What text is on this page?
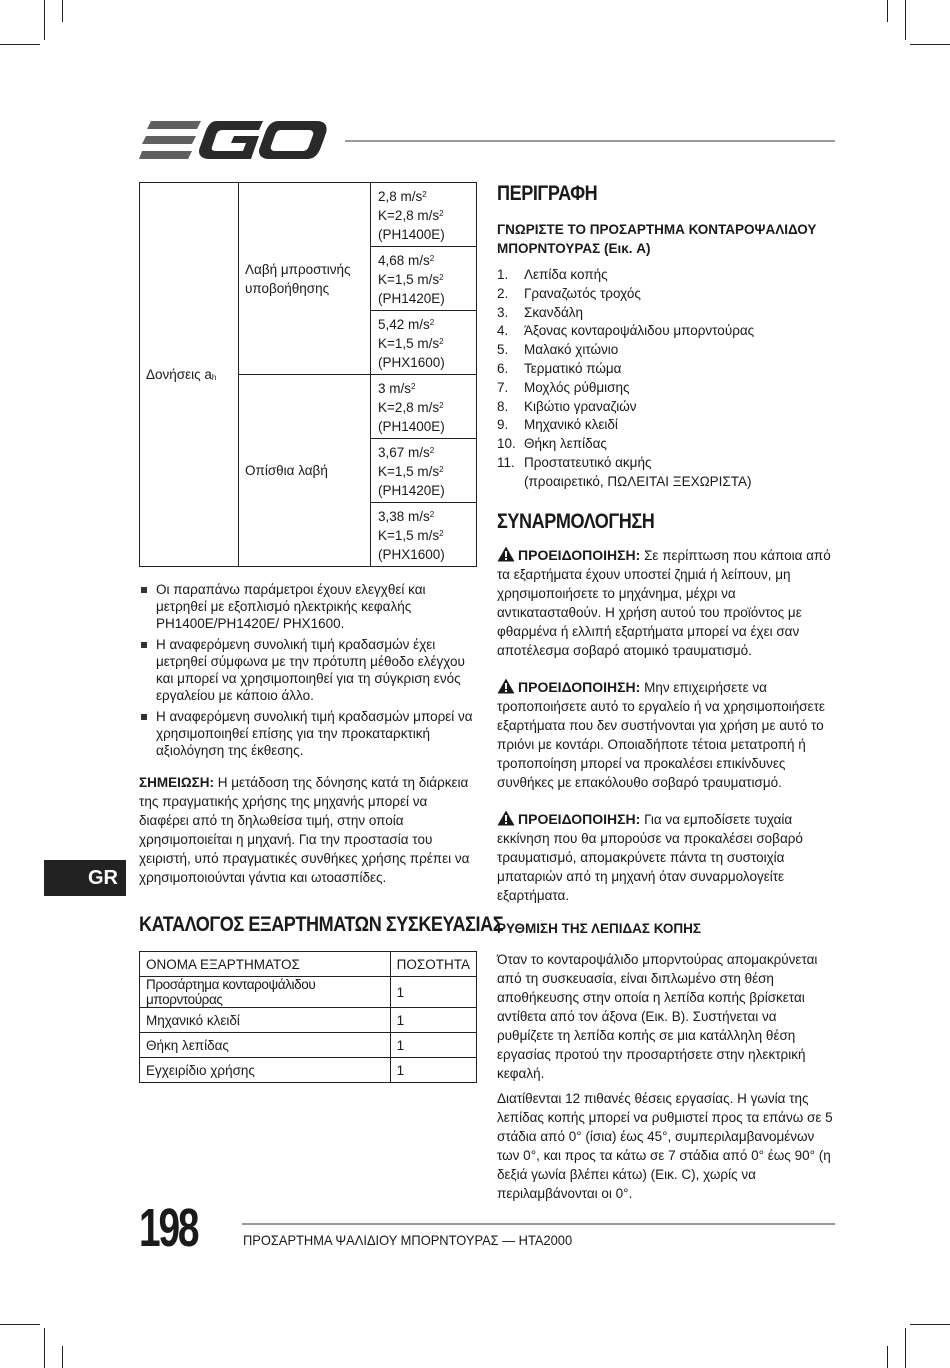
Δονήσεις $a_h$	Λαβή μπροστινής υποβοήθησης	2,8 $m/s^2$
K=2,8 $m/s^2$
(PH1400E)
		4,68 $m/s^2$
K=1,5 $m/s^2$
(PH1420E)
		5,42 $m/s^2$
K=1,5 $m/s^2$
(PHX1600)
	Οπίσθια λαβή	3 $m/s^2$
K=2,8 $m/s^2$
(PH1400E)
		3,67 $m/s^2$
K=1,5 $m/s^2$
(PH1420E)
		3,38 $m/s^2$
K=1,5 $m/s^2$
(PHX1600)
Οι παραπάνω παράμετροι έχουν ελεγχθεί και μετρηθεί με εξοπλισμό ηλεκτρικής κεφαλής PH1400E/PH1420E/ PHX1600.
Η αναφερόμενη συνολική τιμή κραδασμών έχει μετρηθεί σύμφωνα με την πρότυπη μέθοδο ελέγχου και μπορεί να χρησιμοποιηθεί για τη σύγκριση ενός εργαλείου με κάποιο άλλο.
Η αναφερόμενη συνολική τιμή κραδασμών μπορεί να χρησιμοποιηθεί επίσης για την προκαταρκτική αξιολόγηση της έκθεσης.

ΣΗΜΕΙΩΣΗ: Η μετάδοση της δόνησης κατά τη διάρκεια της πραγματικής χρήσης της μηχανής μπορεί να διαφέρει από τη δηλωθείσα τιμή, στην οποία χρησιμοποιείται η μηχανή. Για την προστασία του χειριστή, υπό πραγματικές συνθήκες χρήσης πρέπει να χρησιμοποιούνται γάντια και ωτοασπίδες.

ΚΑΤΑΛΟΓΟΣ ΕΞΑΡΤΗΜΑΤΩΝ ΣΥΣΚΕΥΑΣΙΑΣ
ΟΝΟΜΑ ΕΞΑΡΤΗΜΑΤΟΣ	ΠΟΣΟΤΗΤΑ
Προσάρτημα κονταροψάλιδου μπορντούρας	1
Μηχανικό κλειδί	1
Θήκη λεπίδας	1
Εγχειρίδιο χρήσης	1
ΠΕΡΙΓΡΑΦΗ
ΓΝΩΡΙΣΤΕ ΤΟ ΠΡΟΣΑΡΤΗΜΑ ΚΟΝΤΑΡΟΨΑΛΙΔΟΥ ΜΠΟΡΝΤΟΥΡΑΣ (Εικ. A)
1.	Λεπίδα κοπής
2.	Γραναζωτός τροχός
3.	Σκανδάλη
4.	Άξονας κονταροψάλιδου μπορντούρας
5.	Μαλακό χιτώνιο
6.	Τερματικό πώμα
7.	Μοχλός ρύθμισης
8.	Κιβώτιο γραναζιών
9.	Μηχανικό κλειδί
10. Θήκη λεπίδας
11. Προστατευτικό ακμής
(προαιρετικό, ΠΩΛΕΙΤΑΙ ΞΕΧΩΡΙΣΤΑ)
ΣΥΝΑΡΜΟΛΟΓΗΣΗ

ΠΡΟΕΙΔΟΠΟΙΗΣΗ: Σε περίπτωση που κάποια από τα εξαρτήματα έχουν υποστεί ζημιά ή λείπουν, μη χρησιμοποιήσετε το μηχάνημα, μέχρι να αντικατασταθούν. Η χρήση αυτού του προϊόντος με φθαρμένα ή ελλιπή εξαρτήματα μπορεί να έχει σαν αποτέλεσμα σοβαρό ατομικό τραυματισμό.

ΠΡΟΕΙΔΟΠΟΙΗΣΗ: Μην επιχειρήσετε να τροποποιήσετε αυτό το εργαλείο ή να χρησιμοποιήσετε εξαρτήματα που δεν συστήνονται για χρήση με αυτό το πριόνι με κοντάρι. Οποιαδήποτε τέτοια μετατροπή ή τροποποίηση μπορεί να προκαλέσει επικίνδυνες συνθήκες με επακόλουθο σοβαρό τραυματισμό.

ΠΡΟΕΙΔΟΠΟΙΗΣΗ: Για να εμποδίσετε τυχαία εκκίνηση που θα μπορούσε να προκαλέσει σοβαρό τραυματισμό, απομακρύνετε πάντα τη συστοιχία μπαταριών από τη μηχανή όταν συναρμολογείτε εξαρτήματα.

ΡΥΘΜΙΣΗ ΤΗΣ ΛΕΠΙΔΑΣ ΚΟΠΗΣ

Όταν το κονταροψάλιδο μπορντούρας απομακρύνεται από τη συσκευασία, είναι διπλωμένο στη θέση αποθήκευσης στην οποία η λεπίδα κοπής βρίσκεται αντίθετα από τον άξονα (Εικ. B). Συστήνεται να ρυθμίζετε τη λεπίδα κοπής σε μια κατάλληλη θέση εργασίας προτού την προσαρτήσετε στην ηλεκτρική κεφαλή.

Διατίθενται 12 πιθανές θέσεις εργασίας. Η γωνία της λεπίδας κοπής μπορεί να ρυθμιστεί προς τα επάνω σε 5 στάδια από 0° (ίσια) έως 45°, συμπεριλαμβανομένων των 0°, και προς τα κάτω σε 7 στάδια από 0° έως 90° (η δεξιά γωνία βλέπει κάτω) (Εικ. C), χωρίς να περιλαμβάνονται οι 0°.

GR
198	ΠΡΟΣΑΡΤΗΜΑ ΨΑΛΙΔΙΟΥ ΜΠΟΡΝΤΟΥΡΑΣ — HTA2000
